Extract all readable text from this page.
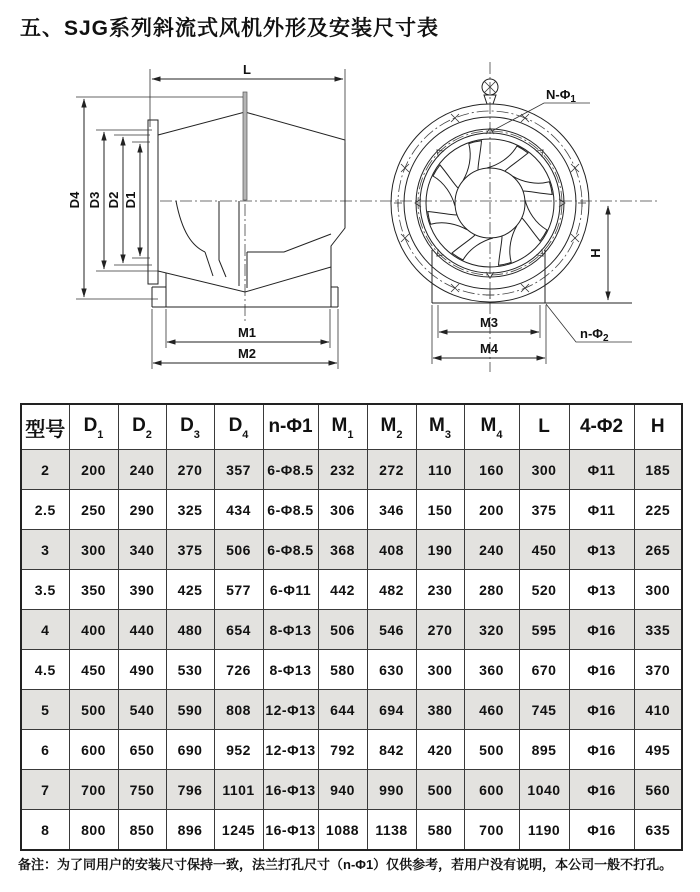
五、SJG系列斜流式风机外形及安装尺寸表
L
D4 D3 D2 D1
M1
M2
$N-\Phi_1$
$n-\Phi_2$
H
M3
M4
型号	$D_1$	$D_2$	$D_3$	$D_4$	n-Φ1	$M_1$	$M_2$	$M_3$	$M_4$	L	4-Φ2	H
2	200	240	270	357	6-Φ8.5	232	272	110	160	300	Φ11	185
2.5	250	290	325	434	6-Φ8.5	306	346	150	200	375	Φ11	225
3	300	340	375	506	6-Φ8.5	368	408	190	240	450	Φ13	265
3.5	350	390	425	577	6-Φ11	442	482	230	280	520	Φ13	300
4	400	440	480	654	8-Φ13	506	546	270	320	595	Φ16	335
4.5	450	490	530	726	8-Φ13	580	630	300	360	670	Φ16	370
5	500	540	590	808	12-Φ13	644	694	380	460	745	Φ16	410
6	600	650	690	952	12-Φ13	792	842	420	500	895	Φ16	495
7	700	750	796	1101	16-Φ13	940	990	500	600	1040	Φ16	560
8	800	850	896	1245	16-Φ13	1088	1138	580	700	1190	Φ16	635
备注：为了同用户的安装尺寸保持一致，法兰打孔尺寸（n-Φ1）仅供参考，若用户没有说明，本公司一般不打孔。
